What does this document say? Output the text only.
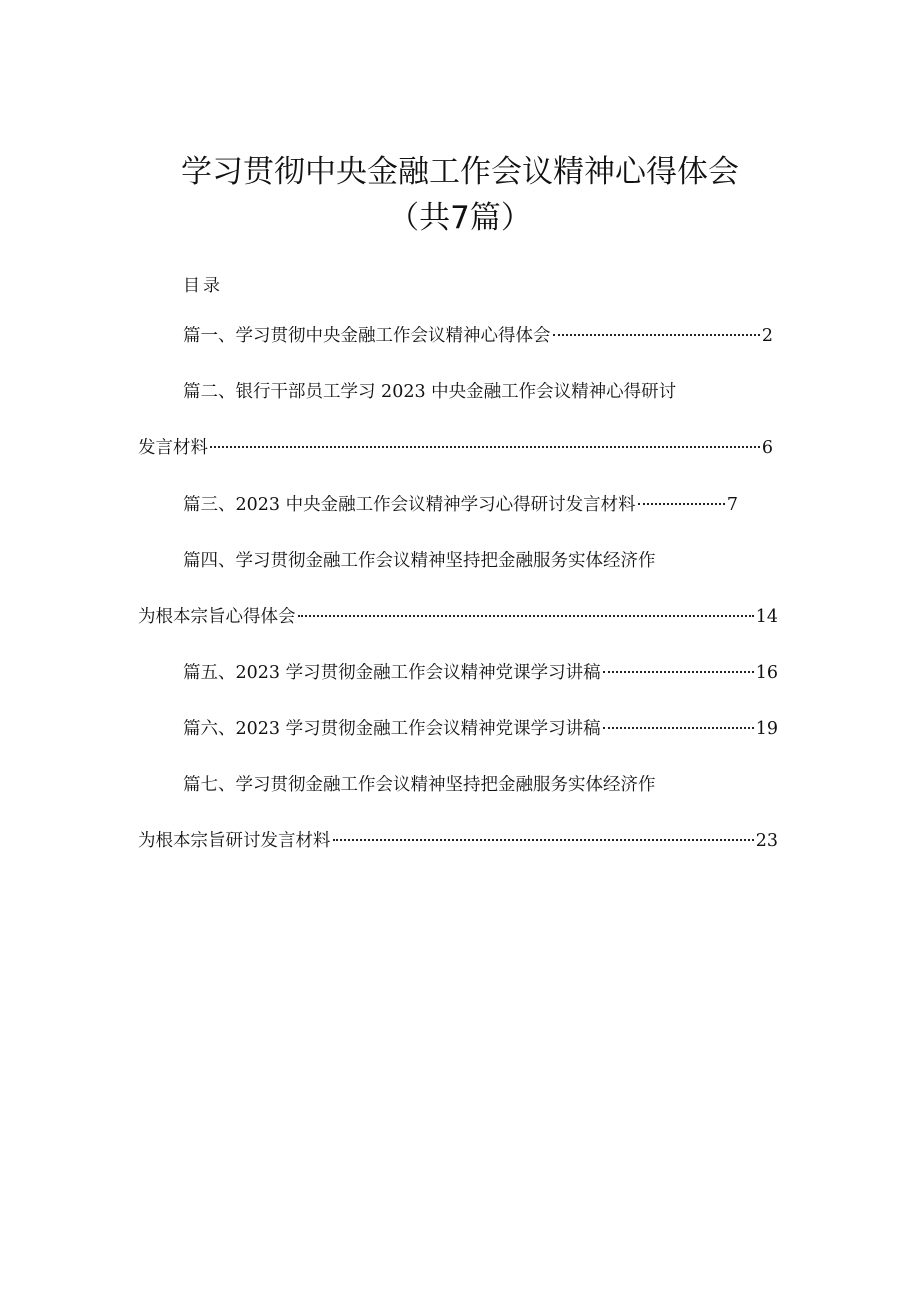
学习贯彻中央金融工作会议精神心得体会
（共7篇）
目录
篇一、学习贯彻中央金融工作会议精神心得体会	2
篇二、银行干部员工学习 2023 中央金融工作会议精神心得研讨
发言材料	6
篇三、2023 中央金融工作会议精神学习心得研讨发言材料	7
篇四、学习贯彻金融工作会议精神坚持把金融服务实体经济作
为根本宗旨心得体会	14
篇五、2023 学习贯彻金融工作会议精神党课学习讲稿	16
篇六、2023 学习贯彻金融工作会议精神党课学习讲稿	19
篇七、学习贯彻金融工作会议精神坚持把金融服务实体经济作
为根本宗旨研讨发言材料	23
